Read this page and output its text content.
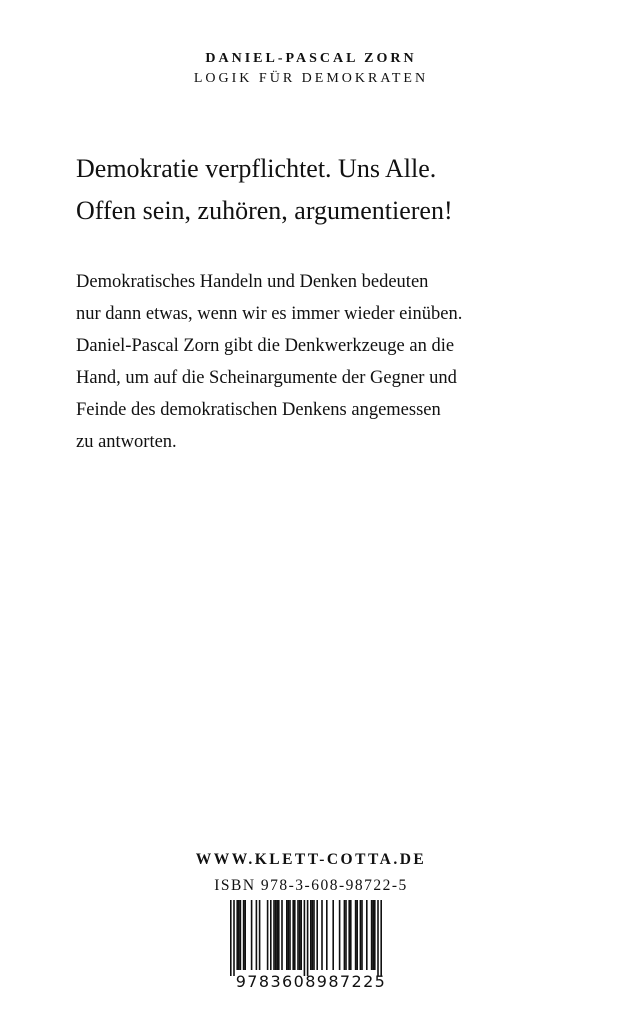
DANIEL-PASCAL ZORN
LOGIK FÜR DEMOKRATEN
Demokratie verpflichtet. Uns Alle.
Offen sein, zuhören, argumentieren!
Demokratisches Handeln und Denken bedeuten
nur dann etwas, wenn wir es immer wieder einüben.
Daniel-Pascal Zorn gibt die Denkwerkzeuge an die
Hand, um auf die Scheinargumente der Gegner und
Feinde des demokratischen Denkens angemessen
zu antworten.
WWW.KLETT-COTTA.DE
ISBN 978-3-608-98722-5
9783608987225
